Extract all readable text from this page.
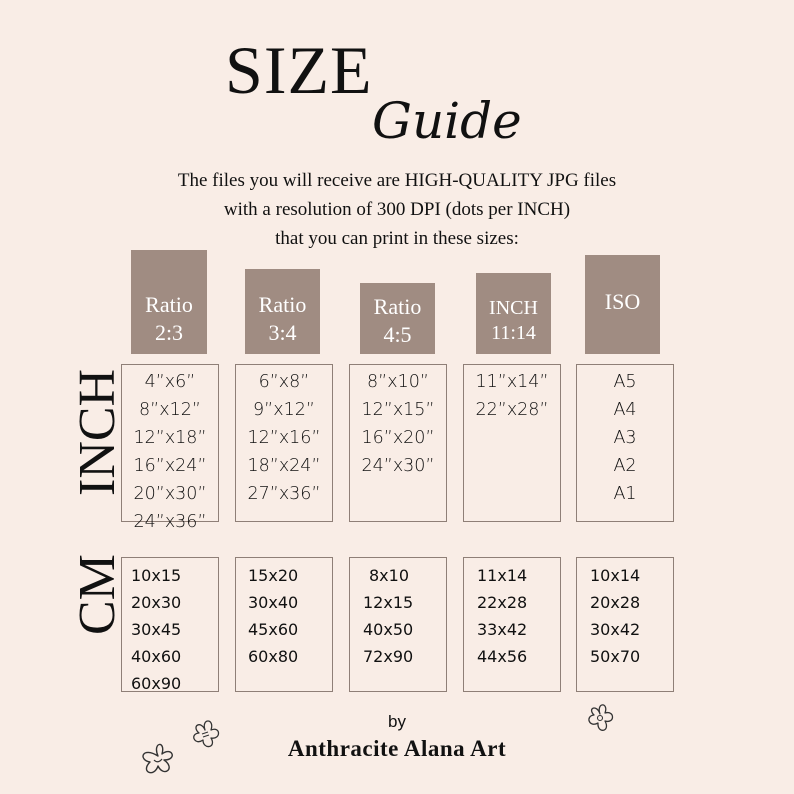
SIZE
Guide
The files you will receive are HIGH-QUALITY JPG files
with a resolution of 300 DPI (dots per INCH)
that you can print in these sizes:
Ratio
2:3
Ratio
3:4
Ratio
4:5
INCH
11:14
ISO
INCH
CM
4”x6”
8”x12”
12”x18”
16”x24”
20”x30”
24”x36”
6”x8”
9”x12”
12”x16”
18”x24”
27”x36”
8”x10”
12”x15”
16”x20”
24”x30”
11”x14”
22”x28”
A5
A4
A3
A2
A1
10x15
20x30
30x45
40x60
60x90
15x20
30x40
45x60
60x80
8x10
12x15
40x50
72x90
11x14
22x28
33x42
44x56
10x14
20x28
30x42
50x70
by
Anthracite Alana Art
